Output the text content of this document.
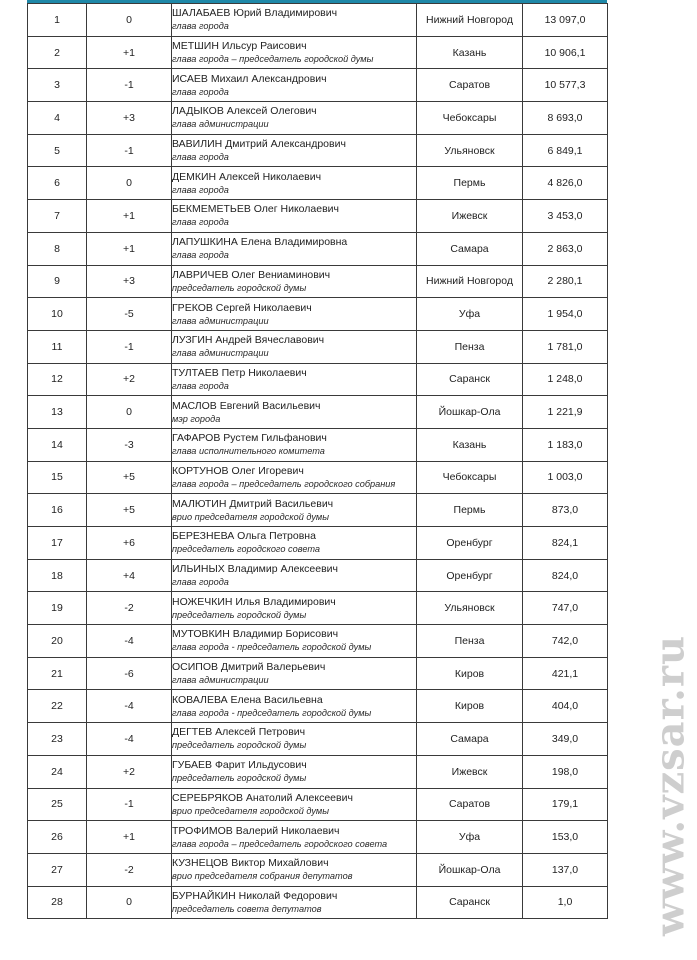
1	0	ШАЛАБАЕВ Юрий Владимирович
глава города	Нижний Новгород	13 097,0
2	+1	МЕТШИН Ильсур Раисович
глава города – председатель городской думы	Казань	10 906,1
3	-1	ИСАЕВ Михаил Александрович
глава города	Саратов	10 577,3
4	+3	ЛАДЫКОВ Алексей Олегович
глава администрации	Чебоксары	8 693,0
5	-1	ВАВИЛИН Дмитрий Александрович
глава города	Ульяновск	6 849,1
6	0	ДЕМКИН Алексей Николаевич
глава города	Пермь	4 826,0
7	+1	БЕКМЕМЕТЬЕВ Олег Николаевич
глава города	Ижевск	3 453,0
8	+1	ЛАПУШКИНА Елена Владимировна
глава города	Самара	2 863,0
9	+3	ЛАВРИЧЕВ Олег Вениаминович
председатель городской думы	Нижний Новгород	2 280,1
10	-5	ГРЕКОВ Сергей Николаевич
глава администрации	Уфа	1 954,0
11	-1	ЛУЗГИН Андрей Вячеславович
глава администрации	Пенза	1 781,0
12	+2	ТУЛТАЕВ Петр Николаевич
глава города	Саранск	1 248,0
13	0	МАСЛОВ Евгений Васильевич
мэр города	Йошкар-Ола	1 221,9
14	-3	ГАФАРОВ Рустем Гильфанович
глава исполнительного комитета	Казань	1 183,0
15	+5	КОРТУНОВ Олег Игоревич
глава города – председатель городского собрания	Чебоксары	1 003,0
16	+5	МАЛЮТИН Дмитрий Васильевич
врио председателя городской думы	Пермь	873,0
17	+6	БЕРЕЗНЕВА Ольга Петровна
председатель городского совета	Оренбург	824,1
18	+4	ИЛЬИНЫХ Владимир Алексеевич
глава города	Оренбург	824,0
19	-2	НОЖЕЧКИН Илья Владимирович
председатель городской думы	Ульяновск	747,0
20	-4	МУТОВКИН Владимир Борисович
глава города - председатель городской думы	Пенза	742,0
21	-6	ОСИПОВ Дмитрий Валерьевич
глава администрации	Киров	421,1
22	-4	КОВАЛЕВА Елена Васильевна
глава города - председатель городской думы	Киров	404,0
23	-4	ДЕГТЕВ Алексей Петрович
председатель городской думы	Самара	349,0
24	+2	ГУБАЕВ Фарит Ильдусович
председатель городской думы	Ижевск	198,0
25	-1	СЕРЕБРЯКОВ Анатолий Алексеевич
врио председателя городской думы	Саратов	179,1
26	+1	ТРОФИМОВ Валерий Николаевич
глава города – председатель городского совета	Уфа	153,0
27	-2	КУЗНЕЦОВ Виктор Михайлович
врио председателя собрания депутатов	Йошкар-Ола	137,0
28	0	БУРНАЙКИН Николай Федорович
председатель совета депутатов	Саранск	1,0 www.vzsar.ru
